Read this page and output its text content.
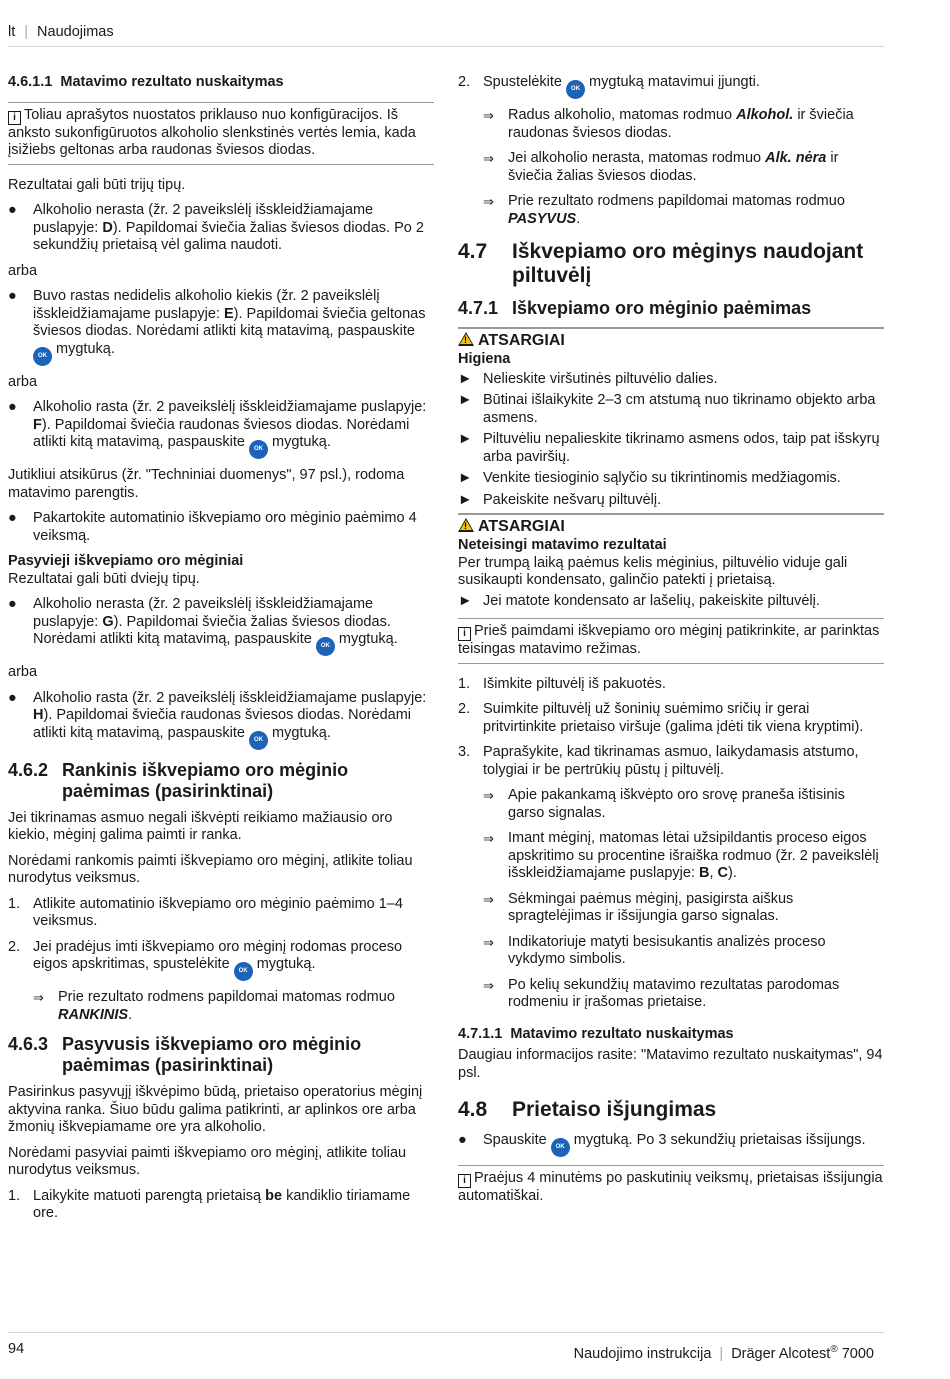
lt | Naudojimas
4.6.1.1 Matavimo rezultato nuskaitymas
i Toliau aprašytos nuostatos priklauso nuo konfigūracijos. Iš anksto sukonfigūruotos alkoholio slenkstinės vertės lemia, kada įsižiebs geltonas arba raudonas šviesos diodas.

Rezultatai gali būti trijų tipų.

●	Alkoholio nerasta (žr. 2 paveikslėlį išskleidžiamajame puslapyje: D). Papildomai šviečia žalias šviesos diodas. Po 2 sekundžių prietaisą vėl galima naudoti.

arba

●	Buvo rastas nedidelis alkoholio kiekis (žr. 2 paveikslėlį išskleidžiamajame puslapyje: E). Papildomai šviečia geltonas šviesos diodas. Norėdami atlikti kitą matavimą, paspauskite OK mygtuką.

arba

●	Alkoholio rasta (žr. 2 paveikslėlį išskleidžiamajame puslapyje: F). Papildomai šviečia raudonas šviesos diodas. Norėdami atlikti kitą matavimą, paspauskite OK mygtuką.

Jutikliui atsikūrus (žr. "Techniniai duomenys", 97 psl.), rodoma matavimo parengtis.

●	Pakartokite automatinio iškvepiamo oro mėginio paėmimo 4 veiksmą.

Pasyvieji iškvepiamo oro mėginiai

Rezultatai gali būti dviejų tipų.

●	Alkoholio nerasta (žr. 2 paveikslėlį išskleidžiamajame puslapyje: G). Papildomai šviečia žalias šviesos diodas. Norėdami atlikti kitą matavimą, paspauskite OK mygtuką.

arba

●	Alkoholio rasta (žr. 2 paveikslėlį išskleidžiamajame puslapyje: H). Papildomai šviečia raudonas šviesos diodas. Norėdami atlikti kitą matavimą, paspauskite OK mygtuką.
4.6.2 Rankinis iškvepiamo oro mėginio paėmimas (pasirinktinai)

Jei tikrinamas asmuo negali iškvėpti reikiamo mažiausio oro kiekio, mėginį galima paimti ir ranka.

Norėdami rankomis paimti iškvepiamo oro mėginį, atlikite toliau nurodytus veiksmus.

1. Atlikite automatinio iškvepiamo oro mėginio paėmimo 1–4 veiksmus.
2. Jei pradėjus imti iškvepiamo oro mėginį rodomas proceso eigos apskritimas, spustelėkite OK mygtuką.
⇒ Prie rezultato rodmens papildomai matomas rodmuo RANKINIS.
4.6.3 Pasyvusis iškvepiamo oro mėginio paėmimas (pasirinktinai)

Pasirinkus pasyvųjį iškvėpimo būdą, prietaiso operatorius mėginį aktyvina ranka. Šiuo būdu galima patikrinti, ar aplinkos ore arba žmonių iškvepiamame ore yra alkoholio.

Norėdami pasyviai paimti iškvepiamo oro mėginį, atlikite toliau nurodytus veiksmus.

1. Laikykite matuoti parengtą prietaisą be kandiklio tiriamame ore.
2. Spustelėkite OK mygtuką matavimui įjungti.
⇒ Radus alkoholio, matomas rodmuo Alkohol. ir šviečia raudonas šviesos diodas.
⇒ Jei alkoholio nerasta, matomas rodmuo Alk. nėra ir šviečia žalias šviesos diodas.
⇒ Prie rezultato rodmens papildomai matomas rodmuo PASYVUS.
4.7	Iškvepiamo oro mėginys naudojant piltuvėlį
4.7.1 Iškvepiamo oro mėginio paėmimas
!ATSARGIAI
Higiena
► Nelieskite viršutinės piltuvėlio dalies.
► Būtinai išlaikykite 2–3 cm atstumą nuo tikrinamo objekto arba asmens.
► Piltuvėliu nepalieskite tikrinamo asmens odos, taip pat išskyrų arba paviršių.
► Venkite tiesioginio sąlyčio su tikrintinomis medžiagomis.
► Pakeiskite nešvarų piltuvėlį.
!ATSARGIAI
Neteisingi matavimo rezultatai
Per trumpą laiką paėmus kelis mėginius, piltuvėlio viduje gali susikaupti kondensato, galinčio patekti į prietaisą.
► Jei matote kondensato ar lašelių, pakeiskite piltuvėlį.
i Prieš paimdami iškvepiamo oro mėginį patikrinkite, ar parinktas teisingas matavimo režimas.
1. Išimkite piltuvėlį iš pakuotės.
2. Suimkite piltuvėlį už šoninių suėmimo sričių ir gerai pritvirtinkite prietaiso viršuje (galima įdėti tik viena kryptimi).
3. Paprašykite, kad tikrinamas asmuo, laikydamasis atstumo, tolygiai ir be pertrūkių pūstų į piltuvėlį.
⇒ Apie pakankamą iškvėpto oro srovę praneša ištisinis garso signalas.
⇒ Imant mėginį, matomas lėtai užsipildantis proceso eigos apskritimo su procentine išraiška rodmuo (žr. 2 paveikslėlį išskleidžiamajame puslapyje: B, C).
⇒ Sėkmingai paėmus mėginį, pasigirsta aiškus spragtelėjimas ir išsijungia garso signalas.
⇒ Indikatoriuje matyti besisukantis analizės proceso vykdymo simbolis.
⇒ Po kelių sekundžių matavimo rezultatas parodomas rodmeniu ir įrašomas prietaise.
4.7.1.1 Matavimo rezultato nuskaitymas

Daugiau informacijos rasite: "Matavimo rezultato nuskaitymas", 94 psl.

4.8	Prietaiso išjungimas
●	Spauskite OK mygtuką. Po 3 sekundžių prietaisas išsijungs.
i Praėjus 4 minutėms po paskutinių veiksmų, prietaisas išsijungia automatiškai.
94	Naudojimo instrukcija | Dräger Alcotest® 7000
